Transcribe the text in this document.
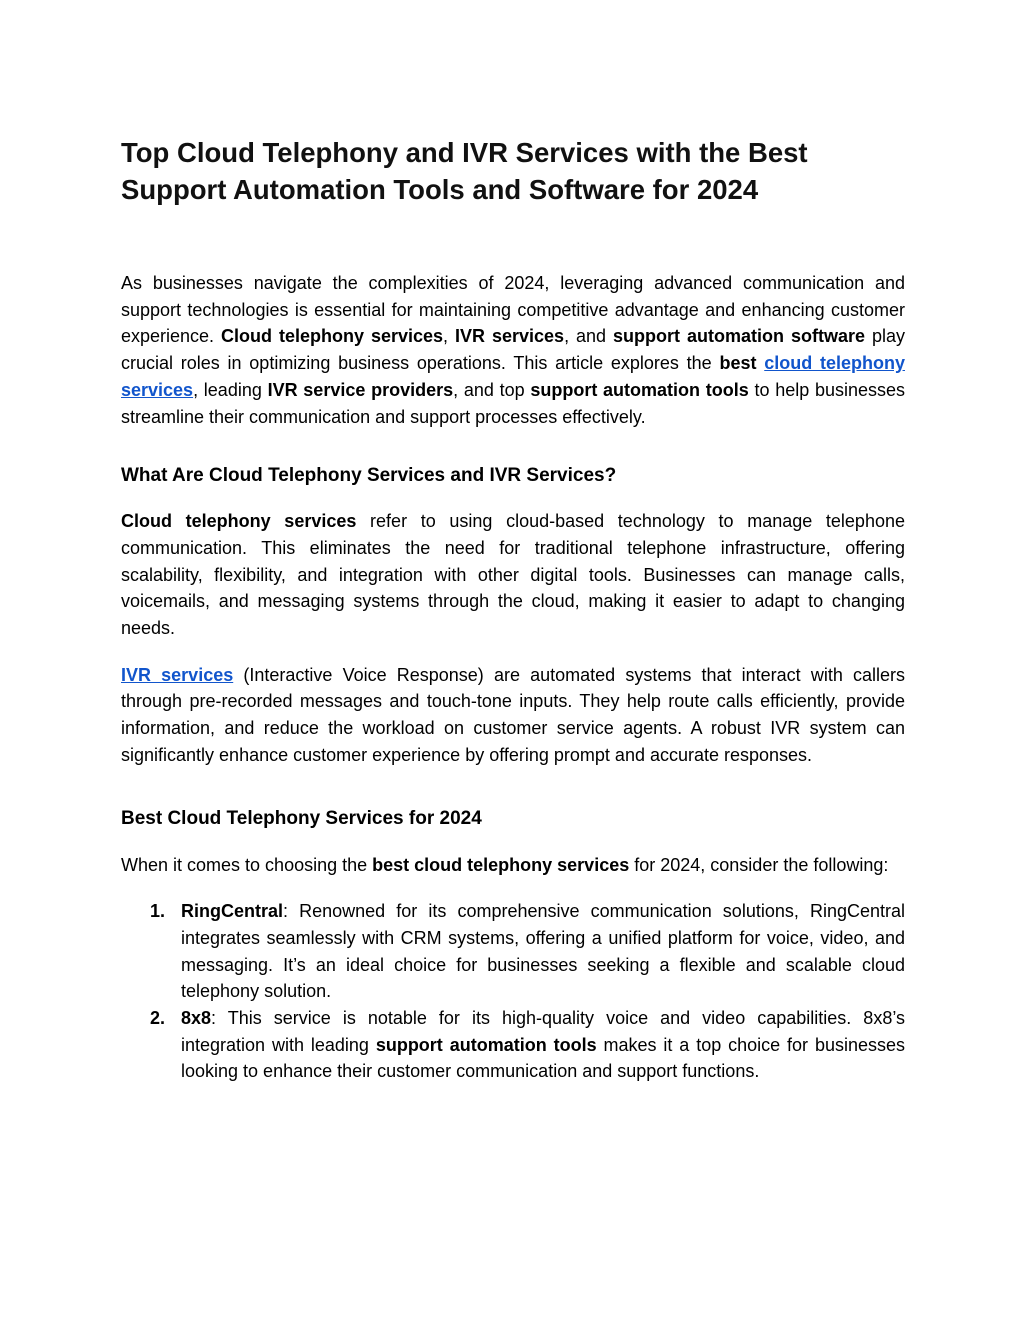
Top Cloud Telephony and IVR Services with the Best
Support Automation Tools and Software for 2024

As businesses navigate the complexities of 2024, leveraging advanced communication and support technologies is essential for maintaining competitive advantage and enhancing customer experience. Cloud telephony services, IVR services, and support automation software play crucial roles in optimizing business operations. This article explores the best cloud telephony services, leading IVR service providers, and top support automation tools to help businesses streamline their communication and support processes effectively.

What Are Cloud Telephony Services and IVR Services?

Cloud telephony services refer to using cloud-based technology to manage telephone communication. This eliminates the need for traditional telephone infrastructure, offering scalability, flexibility, and integration with other digital tools. Businesses can manage calls, voicemails, and messaging systems through the cloud, making it easier to adapt to changing needs.

IVR services (Interactive Voice Response) are automated systems that interact with callers through pre-recorded messages and touch-tone inputs. They help route calls efficiently, provide information, and reduce the workload on customer service agents. A robust IVR system can significantly enhance customer experience by offering prompt and accurate responses.

Best Cloud Telephony Services for 2024

When it comes to choosing the best cloud telephony services for 2024, consider the following:

1. RingCentral: Renowned for its comprehensive communication solutions, RingCentral integrates seamlessly with CRM systems, offering a unified platform for voice, video, and messaging. It’s an ideal choice for businesses seeking a flexible and scalable cloud telephony solution.
2. 8x8: This service is notable for its high-quality voice and video capabilities. 8x8’s integration with leading support automation tools makes it a top choice for businesses looking to enhance their customer communication and support functions.
